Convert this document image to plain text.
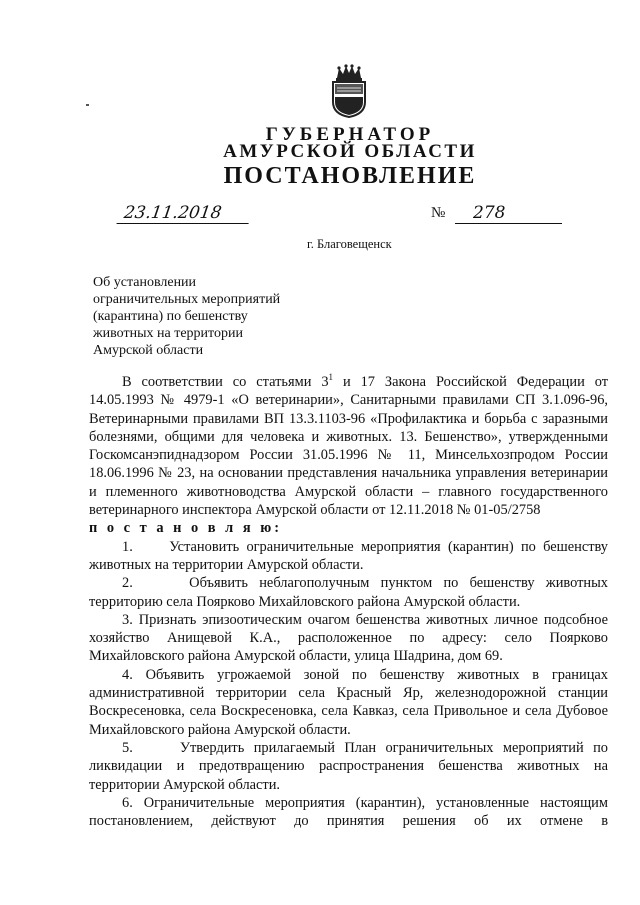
ГУБЕРНАТОР
АМУРСКОЙ ОБЛАСТИ
ПОСТАНОВЛЕНИЕ
23.11.2018	№	278
г. Благовещенск
Об установлении
ограничительных мероприятий
(карантина) по бешенству
животных на территории
Амурской области

В соответствии со статьями $3^1$ и 17 Закона Российской Федерации от 14.05.1993 № 4979-1 «О ветеринарии», Санитарными правилами СП 3.1.096-96, Ветеринарными правилами ВП 13.3.1103-96 «Профилактика и борьба с заразными болезнями, общими для человека и животных. 13. Бешенство», утвержденными Госкомсанэпиднадзором России 31.05.1996 № 11, Минсельхозпродом России 18.06.1996 № 23, на основании представления начальника управления ветеринарии и племенного животноводства Амурской области – главного государственного ветеринарного инспектора Амурской области от 12.11.2018 № 01-05/2758

п о с т а н о в л я ю:

1.     Установить ограничительные мероприятия (карантин) по бешенству животных на территории Амурской области.

2.     Объявить неблагополучным пунктом по бешенству животных территорию села Поярково Михайловского района Амурской области.

3. Признать эпизоотическим очагом бешенства животных личное подсобное хозяйство Анищевой К.А., расположенное по адресу: село Поярково Михайловского района Амурской области, улица Шадрина, дом 69.

4. Объявить угрожаемой зоной по бешенству животных в границах административной территории села Красный Яр, железнодорожной станции Воскресеновка, села Воскресеновка, села Кавказ, села Привольное и села Дубовое Михайловского района Амурской области.

5.     Утвердить прилагаемый План ограничительных мероприятий по ликвидации и предотвращению распространения бешенства животных на территории Амурской области.

6. Ограничительные мероприятия (карантин), установленные настоящим постановлением, действуют до принятия решения об их отмене в
